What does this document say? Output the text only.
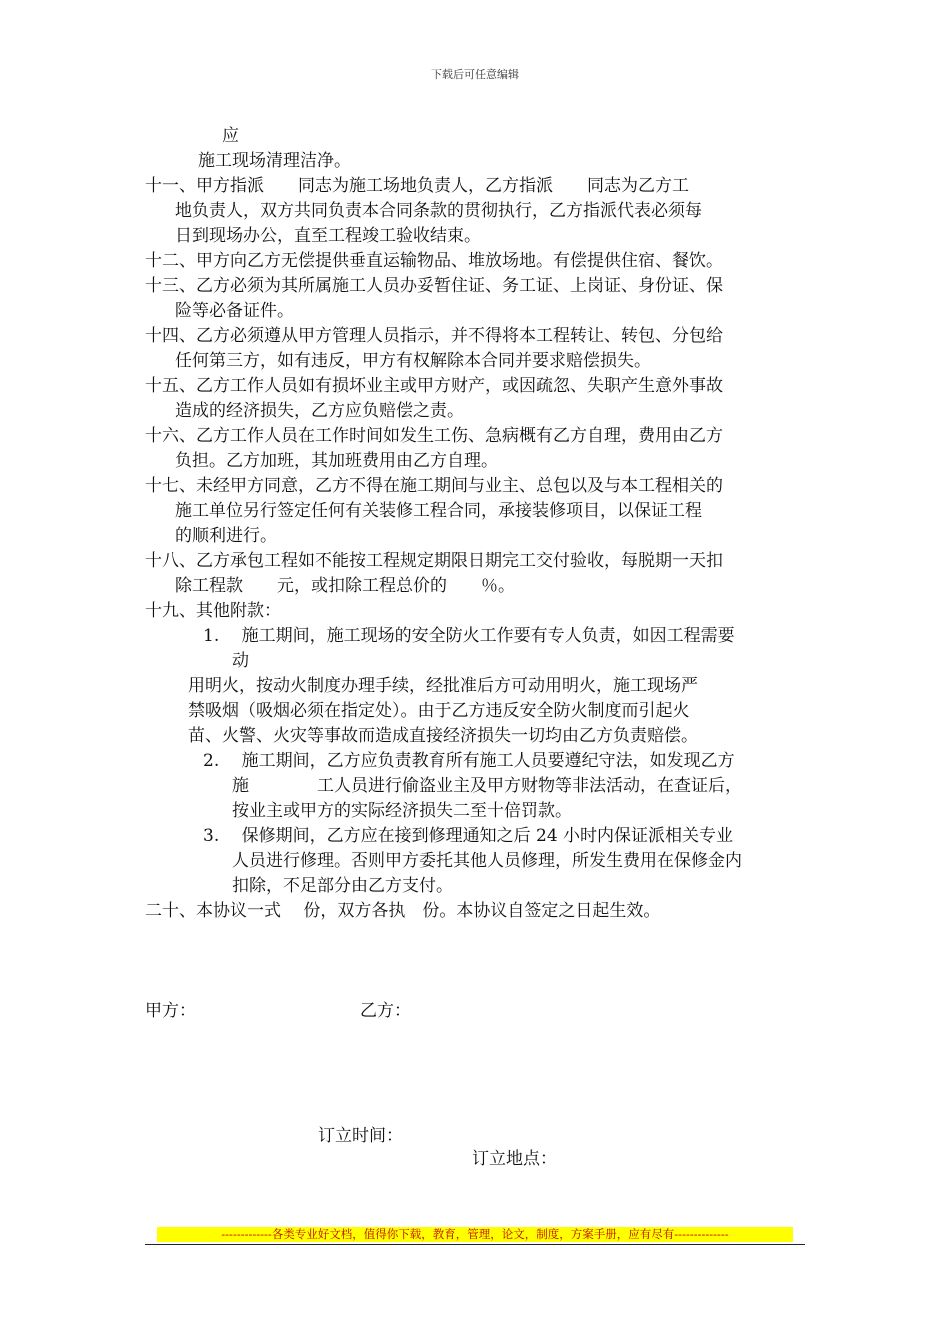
下载后可任意编辑
应
施工现场清理洁净。
十一、甲方指派　　同志为施工场地负责人，乙方指派　　同志为乙方工
地负责人，双方共同负责本合同条款的贯彻执行，乙方指派代表必须每
日到现场办公，直至工程竣工验收结束。
十二、甲方向乙方无偿提供垂直运输物品、堆放场地。有偿提供住宿、餐饮。
十三、乙方必须为其所属施工人员办妥暂住证、务工证、上岗证、身份证、保
险等必备证件。
十四、乙方必须遵从甲方管理人员指示，并不得将本工程转让、转包、分包给
任何第三方，如有违反，甲方有权解除本合同并要求赔偿损失。
十五、乙方工作人员如有损坏业主或甲方财产，或因疏忽、失职产生意外事故
造成的经济损失，乙方应负赔偿之责。
十六、乙方工作人员在工作时间如发生工伤、急病概有乙方自理，费用由乙方
负担。乙方加班，其加班费用由乙方自理。
十七、未经甲方同意，乙方不得在施工期间与业主、总包以及与本工程相关的
施工单位另行签定任何有关装修工程合同，承接装修项目，以保证工程
的顺利进行。
十八、乙方承包工程如不能按工程规定期限日期完工交付验收，每脱期一天扣
除工程款　　元，或扣除工程总价的　　％。
十九、其他附款：
1.　 施工期间，施工现场的安全防火工作要有专人负责，如因工程需要
动
用明火，按动火制度办理手续，经批准后方可动用明火，施工现场严
禁吸烟（吸烟必须在指定处）。由于乙方违反安全防火制度而引起火
苗、火警、火灾等事故而造成直接经济损失一切均由乙方负责赔偿。
2.　 施工期间，乙方应负责教育所有施工人员要遵纪守法，如发现乙方
施　　　　工人员进行偷盗业主及甲方财物等非法活动，在查证后，
按业主或甲方的实际经济损失二至十倍罚款。
3.　 保修期间，乙方应在接到修理通知之后 24 小时内保证派相关专业
人员进行修理。否则甲方委托其他人员修理，所发生费用在保修金内
扣除，不足部分由乙方支付。
二十、本协议一式　 份，双方各执　份。本协议自签定之日起生效。
甲方：	乙方：
订立时间：
订立地点：
-------------各类专业好文档，值得你下载，教育，管理，论文，制度，方案手册，应有尽有--------------
